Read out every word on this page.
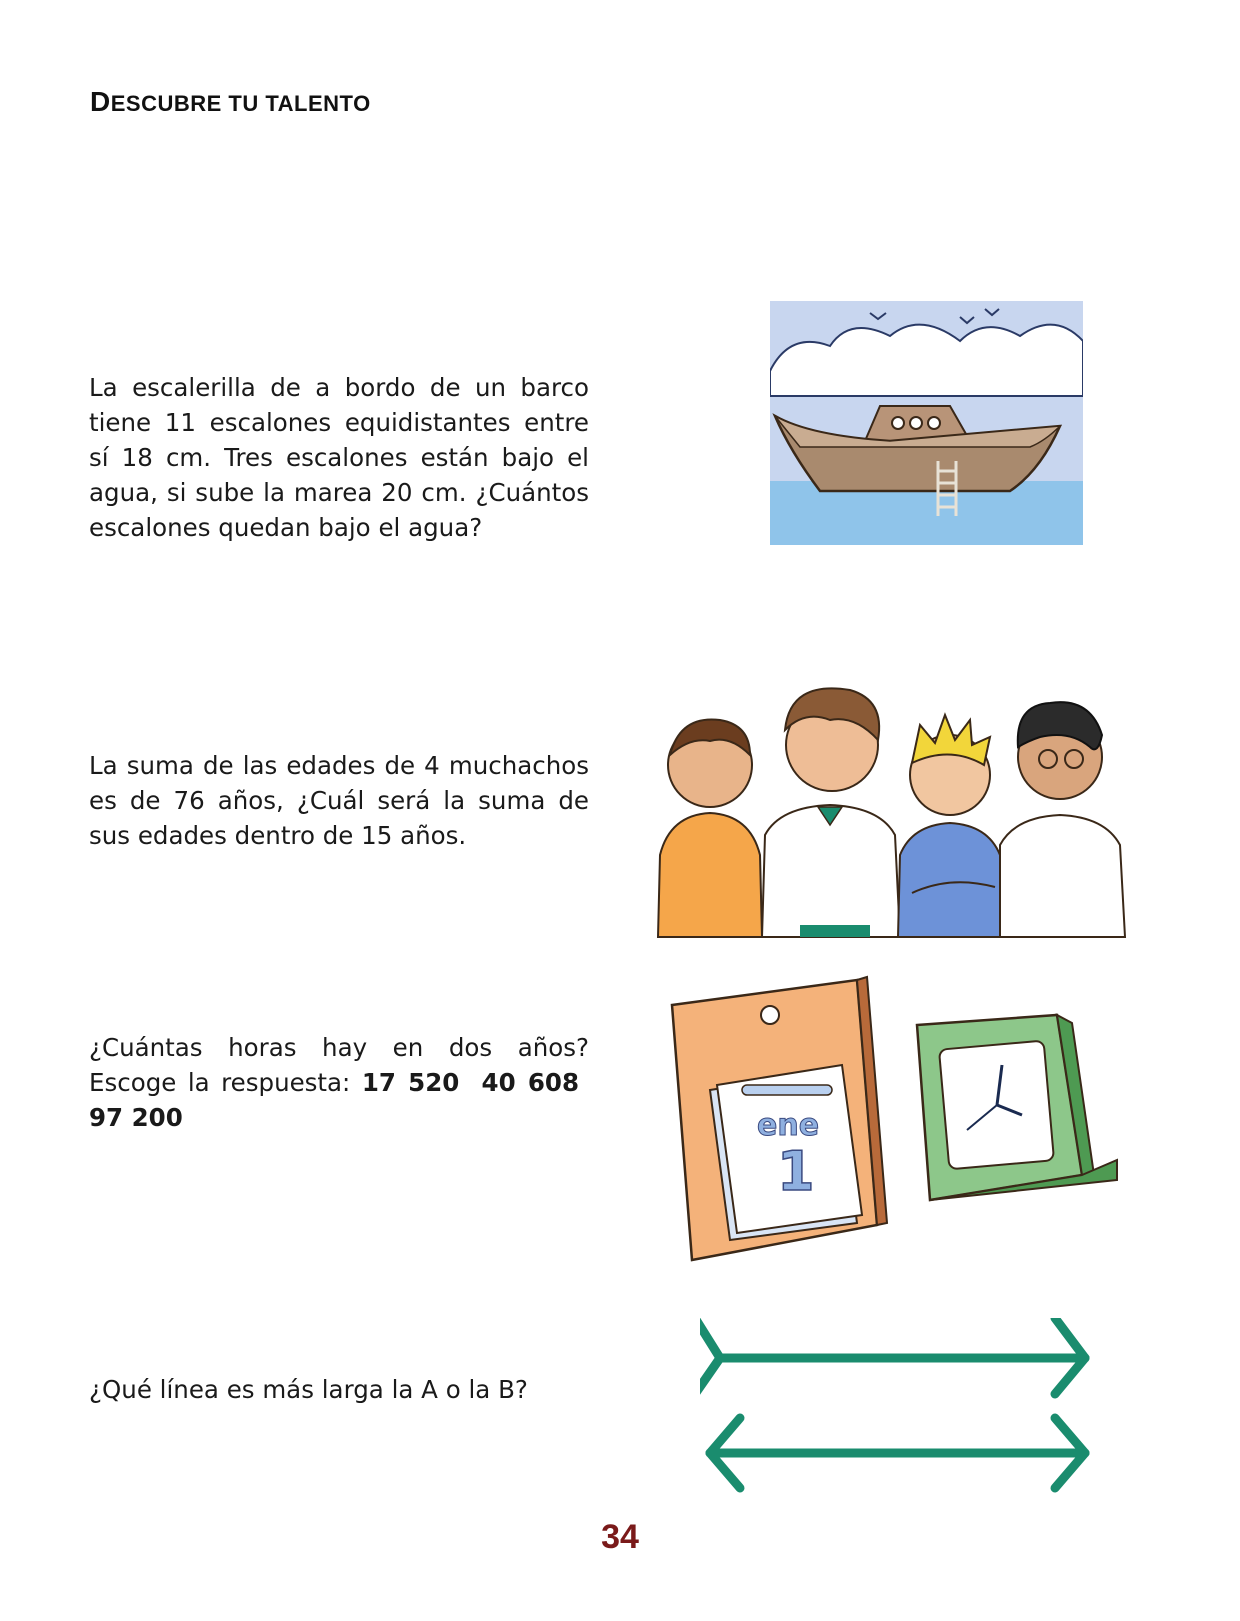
DESCUBRE TU TALENTO

La escalerilla de a bordo de un barco tiene 11 escalones equidistantes entre sí 18 cm. Tres escalones están bajo el agua, si sube la marea 20 cm. ¿Cuántos escalones quedan bajo el agua?

La suma de las edades de 4 muchachos es de 76 años, ¿Cuál será la suma de sus edades dentro de 15 años.

¿Cuántas horas hay en dos años? Escoge la respuesta: 17 520 40 608 97 200	ene
1

¿Qué línea es más larga la A o la B?

34
